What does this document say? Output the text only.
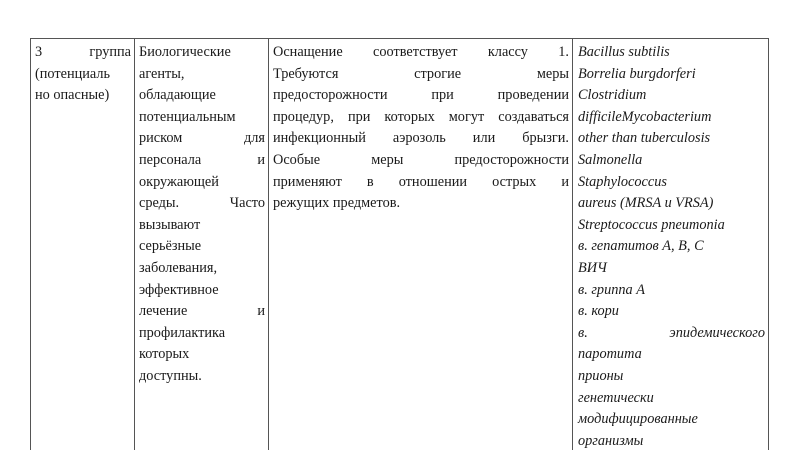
3 группа
(потенциаль
но опасные)
Биологические
агенты,
обладающие
потенциальным
риском для
персонала и
окружающей
среды. Часто
вызывают
серьёзные
заболевания,
эффективное
лечение и
профилактика
которых
доступны.
Оснащение соответствует классу 1.
Требуются строгие меры
предосторожности при проведении
процедур, при которых могут создаваться
инфекционный аэрозоль или брызги.
Особые меры предосторожности
применяют в отношении острых и
режущих предметов.
Bacillus subtilis
Borrelia burgdorferi
Clostridium
difficileMycobacterium
other than tuberculosis
Salmonella
Staphylococcus
aureus (MRSA и VRSA)
Streptococcus pneumonia
в. гепатитов А, В, С
ВИЧ
в. гриппа А
в. кори
в. эпидемического
паротита
прионы
генетически
модифицированные
организмы
